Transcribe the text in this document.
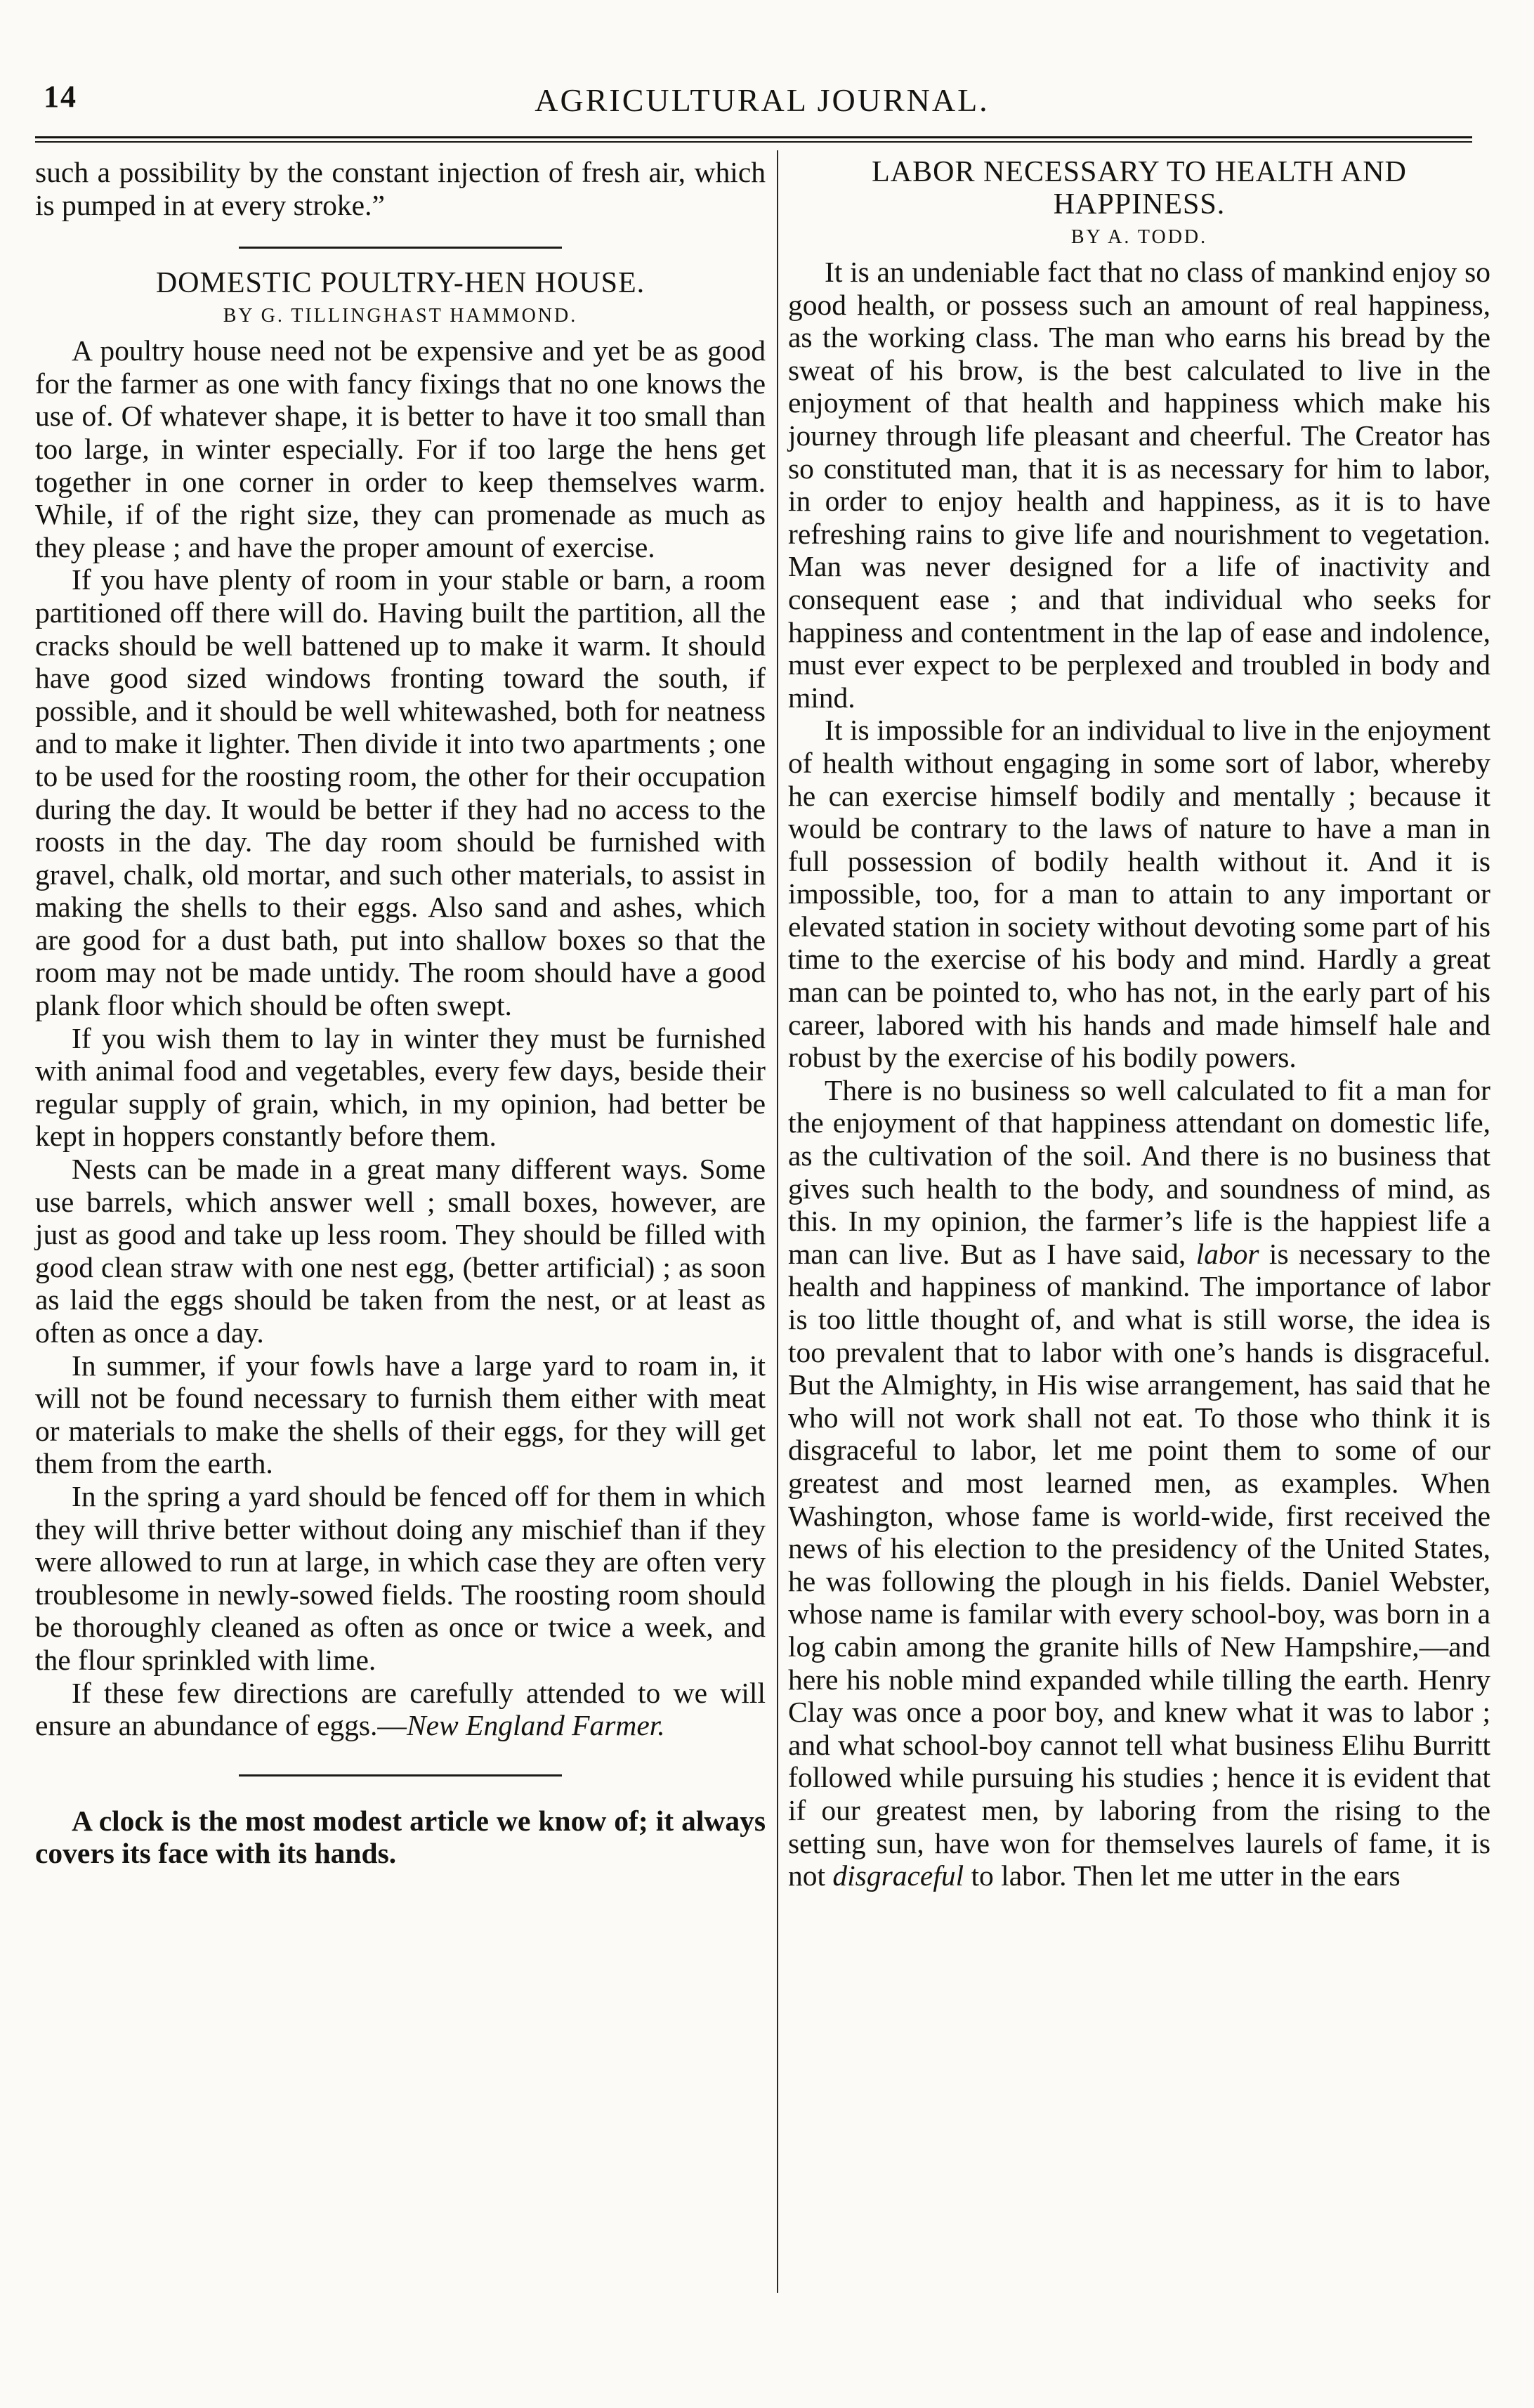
14	AGRICULTURAL JOURNAL.

such a possibility by the constant injection of fresh air, which is pumped in at every stroke.”

DOMESTIC POULTRY-HEN HOUSE.
BY G. TILLINGHAST HAMMOND.

A poultry house need not be expensive and yet be as good for the farmer as one with fancy fixings that no one knows the use of. Of whatever shape, it is better to have it too small than too large, in winter especially. For if too large the hens get together in one corner in order to keep themselves warm. While, if of the right size, they can promenade as much as they please ; and have the proper amount of exercise.

If you have plenty of room in your stable or barn, a room partitioned off there will do. Having built the partition, all the cracks should be well battened up to make it warm. It should have good sized windows fronting toward the south, if possible, and it should be well whitewashed, both for neatness and to make it lighter. Then divide it into two apartments ; one to be used for the roosting room, the other for their occupation during the day. It would be better if they had no access to the roosts in the day. The day room should be furnished with gravel, chalk, old mortar, and such other materials, to assist in making the shells to their eggs. Also sand and ashes, which are good for a dust bath, put into shallow boxes so that the room may not be made untidy. The room should have a good plank floor which should be often swept.

If you wish them to lay in winter they must be furnished with animal food and vegetables, every few days, beside their regular supply of grain, which, in my opinion, had better be kept in hoppers constantly before them.

Nests can be made in a great many different ways. Some use barrels, which answer well ; small boxes, however, are just as good and take up less room. They should be filled with good clean straw with one nest egg, (better artificial) ; as soon as laid the eggs should be taken from the nest, or at least as often as once a day.

In summer, if your fowls have a large yard to roam in, it will not be found necessary to furnish them either with meat or materials to make the shells of their eggs, for they will get them from the earth.

In the spring a yard should be fenced off for them in which they will thrive better without doing any mischief than if they were allowed to run at large, in which case they are often very troublesome in newly-sowed fields. The roosting room should be thoroughly cleaned as often as once or twice a week, and the flour sprinkled with lime.

If these few directions are carefully attended to we will ensure an abundance of eggs.—New England Farmer.

A clock is the most modest article we know of; it always covers its face with its hands.

LABOR NECESSARY TO HEALTH AND HAPPINESS.
BY A. TODD.

It is an undeniable fact that no class of mankind enjoy so good health, or possess such an amount of real happiness, as the working class. The man who earns his bread by the sweat of his brow, is the best calculated to live in the enjoyment of that health and happiness which make his journey through life pleasant and cheerful. The Creator has so constituted man, that it is as necessary for him to labor, in order to enjoy health and happiness, as it is to have refreshing rains to give life and nourishment to vegetation. Man was never designed for a life of inactivity and consequent ease ; and that individual who seeks for happiness and contentment in the lap of ease and indolence, must ever expect to be perplexed and troubled in body and mind.

It is impossible for an individual to live in the enjoyment of health without engaging in some sort of labor, whereby he can exercise himself bodily and mentally ; because it would be contrary to the laws of nature to have a man in full possession of bodily health without it. And it is impossible, too, for a man to attain to any important or elevated station in society without devoting some part of his time to the exercise of his body and mind. Hardly a great man can be pointed to, who has not, in the early part of his career, labored with his hands and made himself hale and robust by the exercise of his bodily powers.

There is no business so well calculated to fit a man for the enjoyment of that happiness attendant on domestic life, as the cultivation of the soil. And there is no business that gives such health to the body, and soundness of mind, as this. In my opinion, the farmer’s life is the happiest life a man can live. But as I have said, labor is necessary to the health and happiness of mankind. The importance of labor is too little thought of, and what is still worse, the idea is too prevalent that to labor with one’s hands is disgraceful. But the Almighty, in His wise arrangement, has said that he who will not work shall not eat. To those who think it is disgraceful to labor, let me point them to some of our greatest and most learned men, as examples. When Washington, whose fame is world-wide, first received the news of his election to the presidency of the United States, he was following the plough in his fields. Daniel Webster, whose name is familar with every school-boy, was born in a log cabin among the granite hills of New Hampshire,—and here his noble mind expanded while tilling the earth. Henry Clay was once a poor boy, and knew what it was to labor ; and what school-boy cannot tell what business Elihu Burritt followed while pursuing his studies ; hence it is evident that if our greatest men, by laboring from the rising to the setting sun, have won for themselves laurels of fame, it is not disgraceful to labor. Then let me utter in the ears
